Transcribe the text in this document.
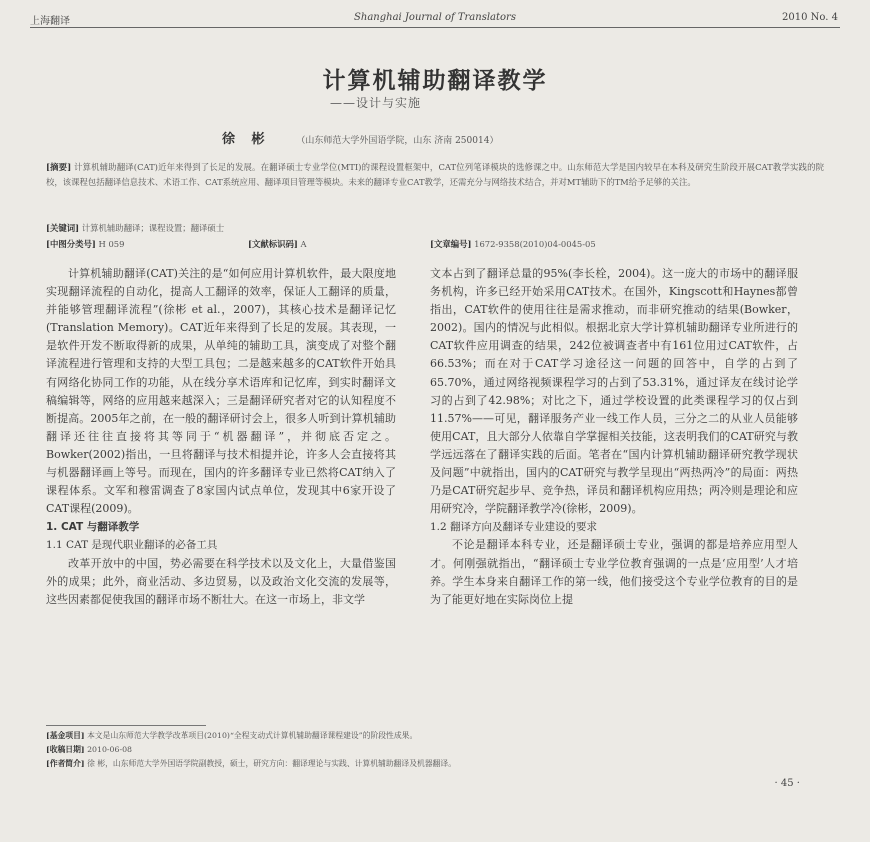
上海翻译	Shanghai Journal of Translators	2010 No. 4
计算机辅助翻译教学
——设计与实施
徐 彬	（山东师范大学外国语学院，山东 济南 250014）
[摘要] 计算机辅助翻译(CAT)近年来得到了长足的发展。在翻译硕士专业学位(MTI)的课程设置框架中，CAT位列笔译模块的选修课之中。山东师范大学是国内较早在本科及研究生阶段开展CAT教学实践的院校，该课程包括翻译信息技术、术语工作、CAT系统应用、翻译项目管理等模块。未来的翻译专业CAT教学，还需充分与网络技术结合，并对MT辅助下的TM给予足够的关注。
[关键词] 计算机辅助翻译；课程设置；翻译硕士
[中图分类号] H 059	[文献标识码] A	[文章编号] 1672-9358(2010)04-0045-05

计算机辅助翻译(CAT)关注的是“如何应用计算机软件，最大限度地实现翻译流程的自动化，提高人工翻译的效率，保证人工翻译的质量，并能够管理翻译流程”(徐彬 et al.，2007)，其核心技术是翻译记忆(Translation Memory)。CAT近年来得到了长足的发展。其表现，一是软件开发不断取得新的成果，从单纯的辅助工具，演变成了对整个翻译流程进行管理和支持的大型工具包；二是越来越多的CAT软件开始具有网络化协同工作的功能，从在线分享术语库和记忆库，到实时翻译文稿编辑等，网络的应用越来越深入；三是翻译研究者对它的认知程度不断提高。2005年之前，在一般的翻译研讨会上，很多人听到计算机辅助翻译还往往直接将其等同于“机器翻译”，并彻底否定之。Bowker(2002)指出，一旦将翻译与技术相提并论，许多人会直接将其与机器翻译画上等号。而现在，国内的许多翻译专业已然将CAT纳入了课程体系。文军和穆雷调查了8家国内试点单位，发现其中6家开设了CAT课程(2009)。

1. CAT 与翻译教学

1.1 CAT 是现代职业翻译的必备工具

改革开放中的中国，势必需要在科学技术以及文化上，大量借鉴国外的成果；此外，商业活动、多边贸易，以及政治文化交流的发展等，这些因素都促使我国的翻译市场不断壮大。在这一市场上，非文学

文本占到了翻译总量的95%(李长栓，2004)。这一庞大的市场中的翻译服务机构，许多已经开始采用CAT技术。在国外，Kingscott和Haynes都曾指出，CAT软件的使用往往是需求推动，而非研究推动的结果(Bowker，2002)。国内的情况与此相似。根据北京大学计算机辅助翻译专业所进行的CAT软件应用调查的结果，242位被调查者中有161位用过CAT软件，占66.53%；而在对于CAT学习途径这一问题的回答中，自学的占到了65.70%，通过网络视频课程学习的占到了53.31%，通过译友在线讨论学习的占到了42.98%；对比之下，通过学校设置的此类课程学习的仅占到11.57%——可见，翻译服务产业一线工作人员，三分之二的从业人员能够使用CAT，且大部分人依靠自学掌握相关技能，这表明我们的CAT研究与教学远远落在了翻译实践的后面。笔者在“国内计算机辅助翻译研究教学现状及问题”中就指出，国内的CAT研究与教学呈现出“两热两冷”的局面：两热乃是CAT研究起步早、竞争热，译员和翻译机构应用热；两冷则是理论和应用研究冷，学院翻译教学冷(徐彬，2009)。

1.2 翻译方向及翻译专业建设的要求

不论是翻译本科专业，还是翻译硕士专业，强调的都是培养应用型人才。何刚强就指出，“翻译硕士专业学位教育强调的一点是‘应用型’人才培养。学生本身来自翻译工作的第一线，他们接受这个专业学位教育的目的是为了能更好地在实际岗位上提

[基金项目] 本文是山东师范大学教学改革项目(2010)“全程支动式计算机辅助翻译课程建设”的阶段性成果。
[收稿日期] 2010-06-08
[作者简介] 徐 彬，山东师范大学外国语学院副教授，硕士，研究方向：翻译理论与实践、计算机辅助翻译及机器翻译。
· 45 ·
